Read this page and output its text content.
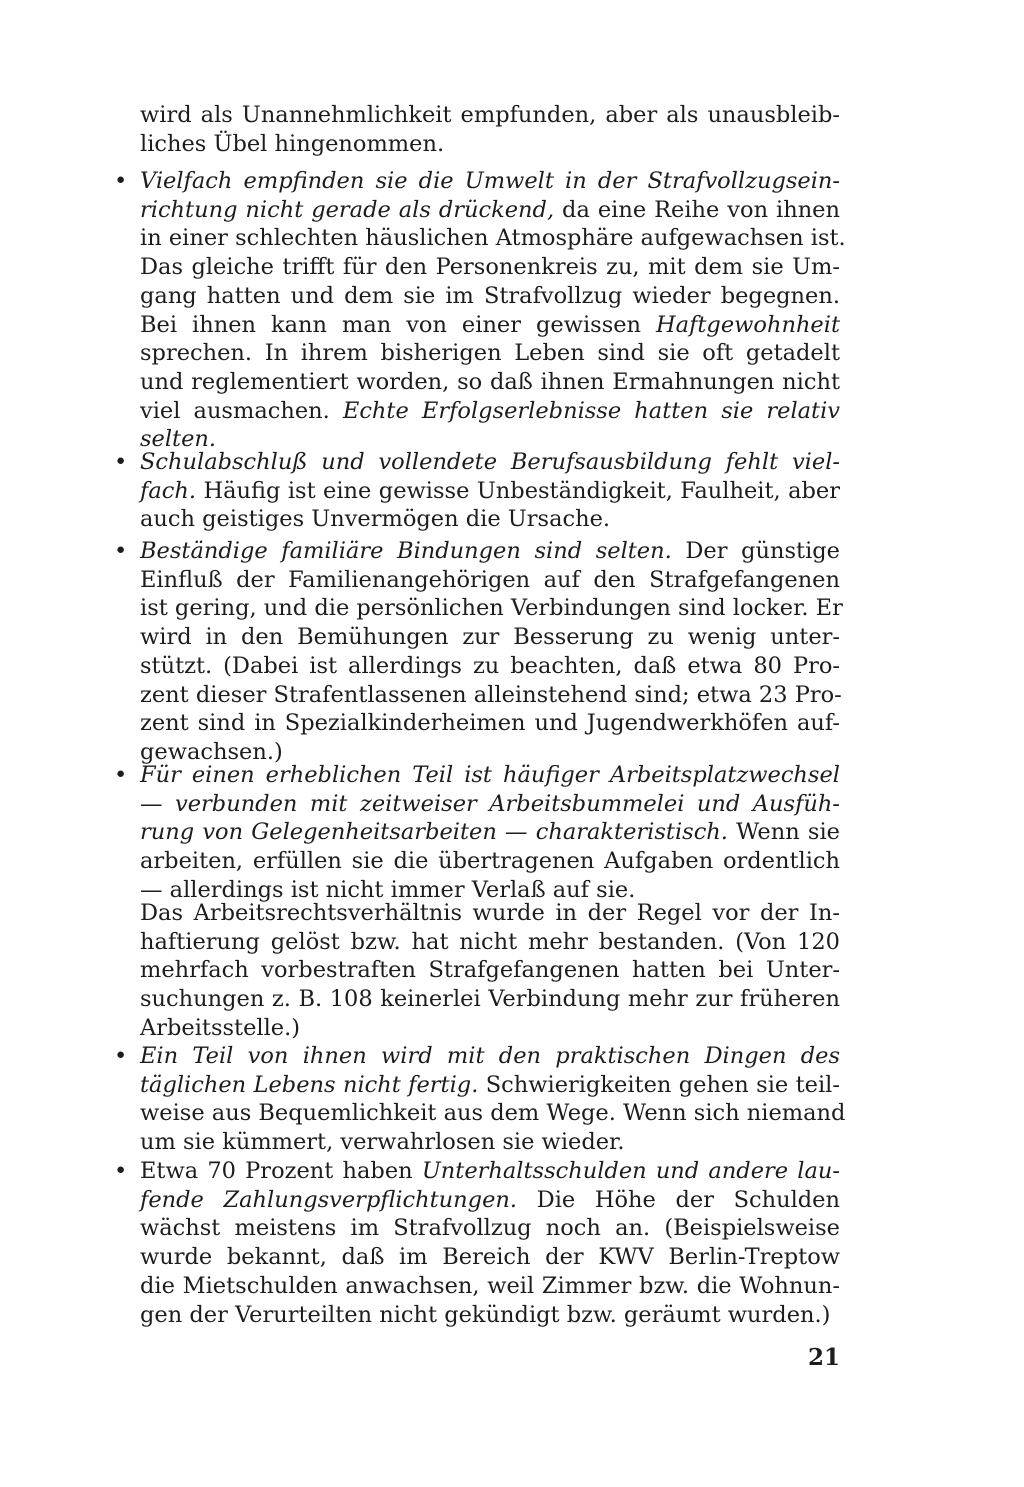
wird als Unannehmlichkeit empfunden, aber als unausbleib-
liches Übel hingenommen.
• Vielfach empfinden sie die Umwelt in der Strafvollzugsein-
richtung nicht gerade als drückend, da eine Reihe von ihnen
in einer schlechten häuslichen Atmosphäre aufgewachsen ist.
Das gleiche trifft für den Personenkreis zu, mit dem sie Um-
gang hatten und dem sie im Strafvollzug wieder begegnen.
Bei ihnen kann man von einer gewissen Haftgewohnheit
sprechen. In ihrem bisherigen Leben sind sie oft getadelt
und reglementiert worden, so daß ihnen Ermahnungen nicht
viel ausmachen. Echte Erfolgserlebnisse hatten sie relativ
selten.
• Schulabschluß und vollendete Berufsausbildung fehlt viel-
fach. Häufig ist eine gewisse Unbeständigkeit, Faulheit, aber
auch geistiges Unvermögen die Ursache.
• Beständige familiäre Bindungen sind selten. Der günstige
Einfluß der Familienangehörigen auf den Strafgefangenen
ist gering, und die persönlichen Verbindungen sind locker. Er
wird in den Bemühungen zur Besserung zu wenig unter-
stützt. (Dabei ist allerdings zu beachten, daß etwa 80 Pro-
zent dieser Strafentlassenen alleinstehend sind; etwa 23 Pro-
zent sind in Spezialkinderheimen und Jugendwerkhöfen auf-
gewachsen.)
• Für einen erheblichen Teil ist häufiger Arbeitsplatzwechsel
— verbunden mit zeitweiser Arbeitsbummelei und Ausfüh-
rung von Gelegenheitsarbeiten — charakteristisch. Wenn sie
arbeiten, erfüllen sie die übertragenen Aufgaben ordentlich
— allerdings ist nicht immer Verlaß auf sie.
Das Arbeitsrechtsverhältnis wurde in der Regel vor der In-
haftierung gelöst bzw. hat nicht mehr bestanden. (Von 120
mehrfach vorbestraften Strafgefangenen hatten bei Unter-
suchungen z. B. 108 keinerlei Verbindung mehr zur früheren
Arbeitsstelle.)
• Ein Teil von ihnen wird mit den praktischen Dingen des
täglichen Lebens nicht fertig. Schwierigkeiten gehen sie teil-
weise aus Bequemlichkeit aus dem Wege. Wenn sich niemand
um sie kümmert, verwahrlosen sie wieder.
• Etwa 70 Prozent haben Unterhaltsschulden und andere lau-
fende Zahlungsverpflichtungen. Die Höhe der Schulden
wächst meistens im Strafvollzug noch an. (Beispielsweise
wurde bekannt, daß im Bereich der KWV Berlin-Treptow
die Mietschulden anwachsen, weil Zimmer bzw. die Wohnun-
gen der Verurteilten nicht gekündigt bzw. geräumt wurden.)
21
